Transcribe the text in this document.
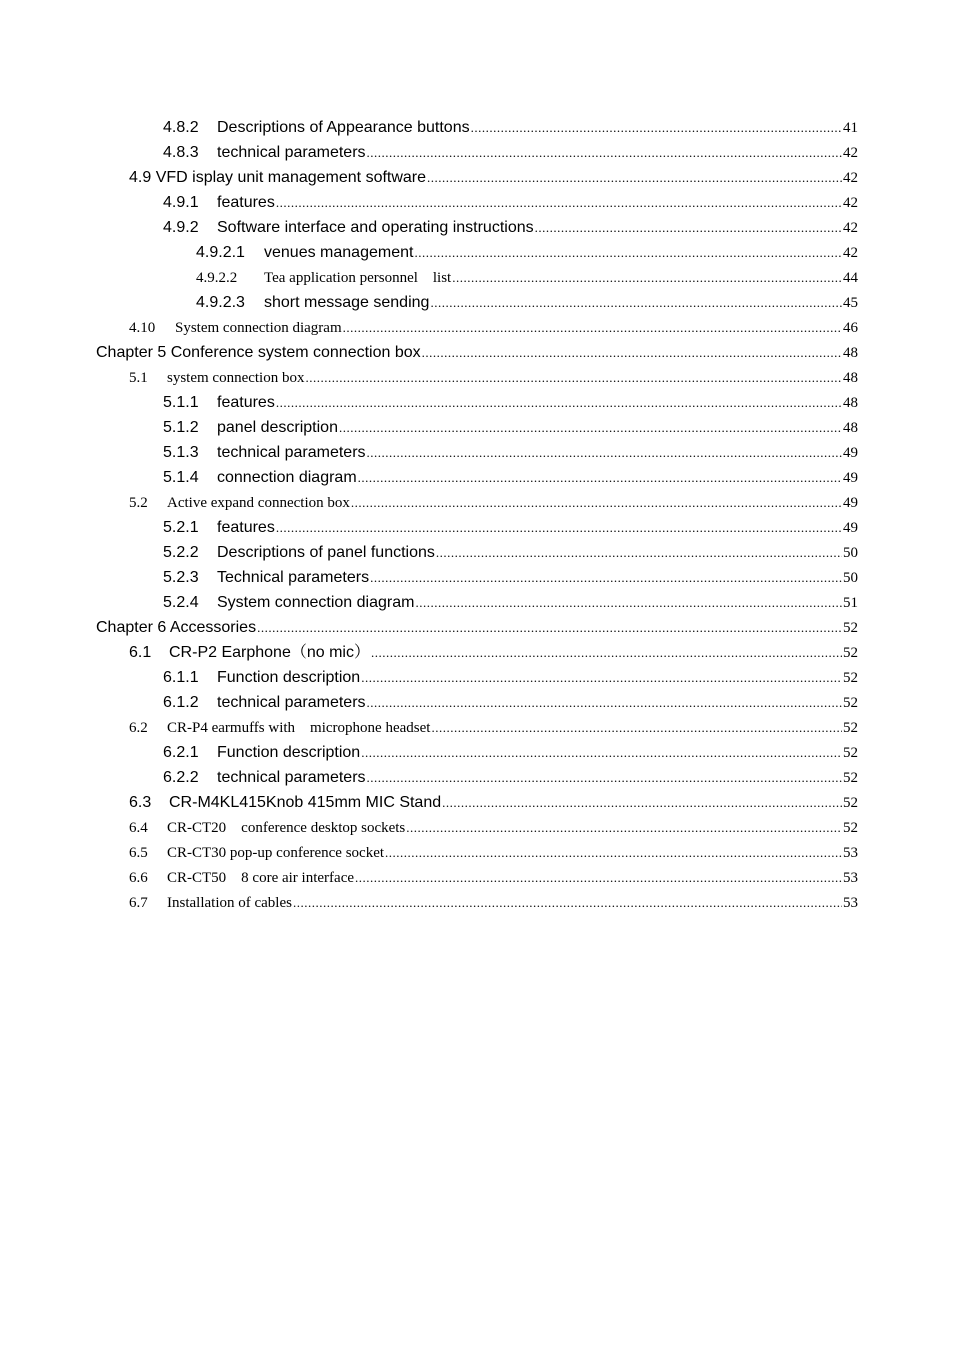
4.8.2 Descriptions of Appearance buttons .....	41
4.8.3 technical parameters .....	42
4.9 VFD isplay unit management software .....	42
4.9.1 features .....	42
4.9.2 Software interface and operating instructions .....	42
4.9.2.1 venues management .....	42
4.9.2.2 Tea application personnel    list .....	44
4.9.2.3 short message sending .....	45
4.10 System connection diagram .....	46
Chapter 5 Conference system connection box .....	48
5.1 system connection box .....	48
5.1.1 features .....	48
5.1.2 panel description .....	48
5.1.3 technical parameters .....	49
5.1.4 connection diagram .....	49
5.2 Active expand connection box .....	49
5.2.1 features .....	49
5.2.2 Descriptions of panel functions .....	50
5.2.3 Technical parameters .....	50
5.2.4 System connection diagram .....	51
Chapter 6 Accessories .....	52
6.1 CR-P2 Earphone（no mic） .....	52
6.1.1 Function description .....	52
6.1.2 technical parameters .....	52
6.2 CR-P4 earmuffs with    microphone headset .....	52
6.2.1 Function description .....	52
6.2.2 technical parameters .....	52
6.3 CR-M4KL415Knob 415mm MIC Stand .....	52
6.4 CR-CT20    conference desktop sockets .....	52
6.5 CR-CT30 pop-up conference socket .....	53
6.6 CR-CT50    8 core air interface .....	53
6.7 Installation of cables .....	53
